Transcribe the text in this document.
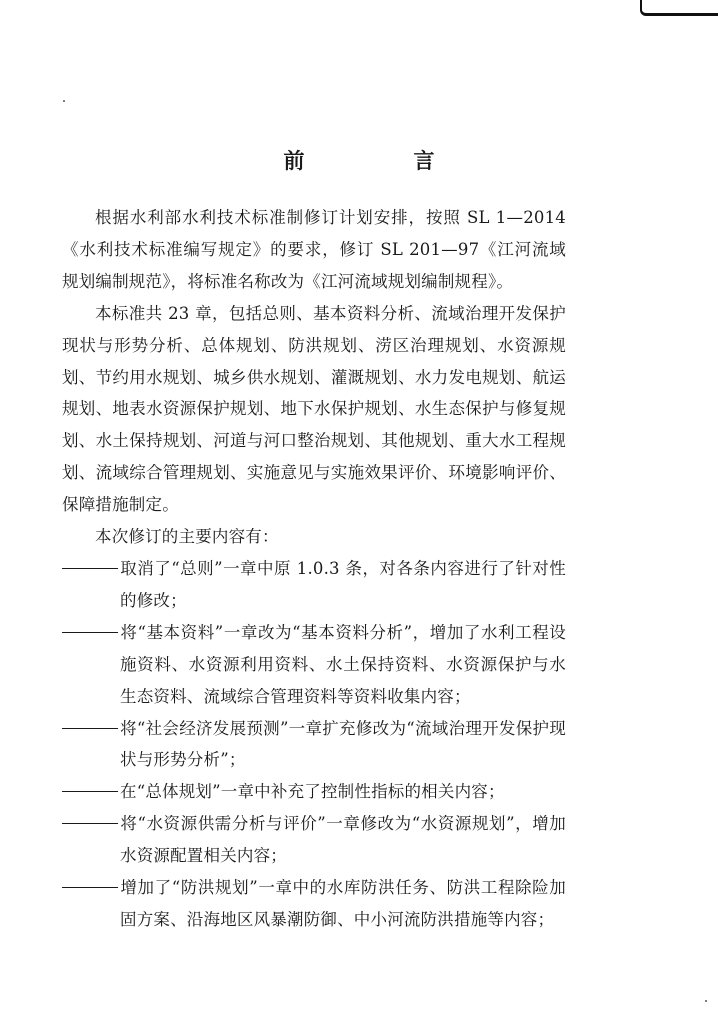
前　言

根据水利部水利技术标准制修订计划安排，按照 SL 1—2014《水利技术标准编写规定》的要求，修订 SL 201—97《江河流域规划编制规范》，将标准名称改为《江河流域规划编制规程》。

本标准共 23 章，包括总则、基本资料分析、流域治理开发保护现状与形势分析、总体规划、防洪规划、涝区治理规划、水资源规划、节约用水规划、城乡供水规划、灌溉规划、水力发电规划、航运规划、地表水资源保护规划、地下水保护规划、水生态保护与修复规划、水土保持规划、河道与河口整治规划、其他规划、重大水工程规划、流域综合管理规划、实施意见与实施效果评价、环境影响评价、保障措施制定。

本次修订的主要内容有：

取消了“总则”一章中原 1.0.3 条，对各条内容进行了针对性的修改；
将“基本资料”一章改为“基本资料分析”，增加了水利工程设施资料、水资源利用资料、水土保持资料、水资源保护与水生态资料、流域综合管理资料等资料收集内容；
将“社会经济发展预测”一章扩充修改为“流域治理开发保护现状与形势分析”；
在“总体规划”一章中补充了控制性指标的相关内容；
将“水资源供需分析与评价”一章修改为“水资源规划”，增加水资源配置相关内容；
增加了“防洪规划”一章中的水库防洪任务、防洪工程除险加固方案、沿海地区风暴潮防御、中小河流防洪措施等内容；
